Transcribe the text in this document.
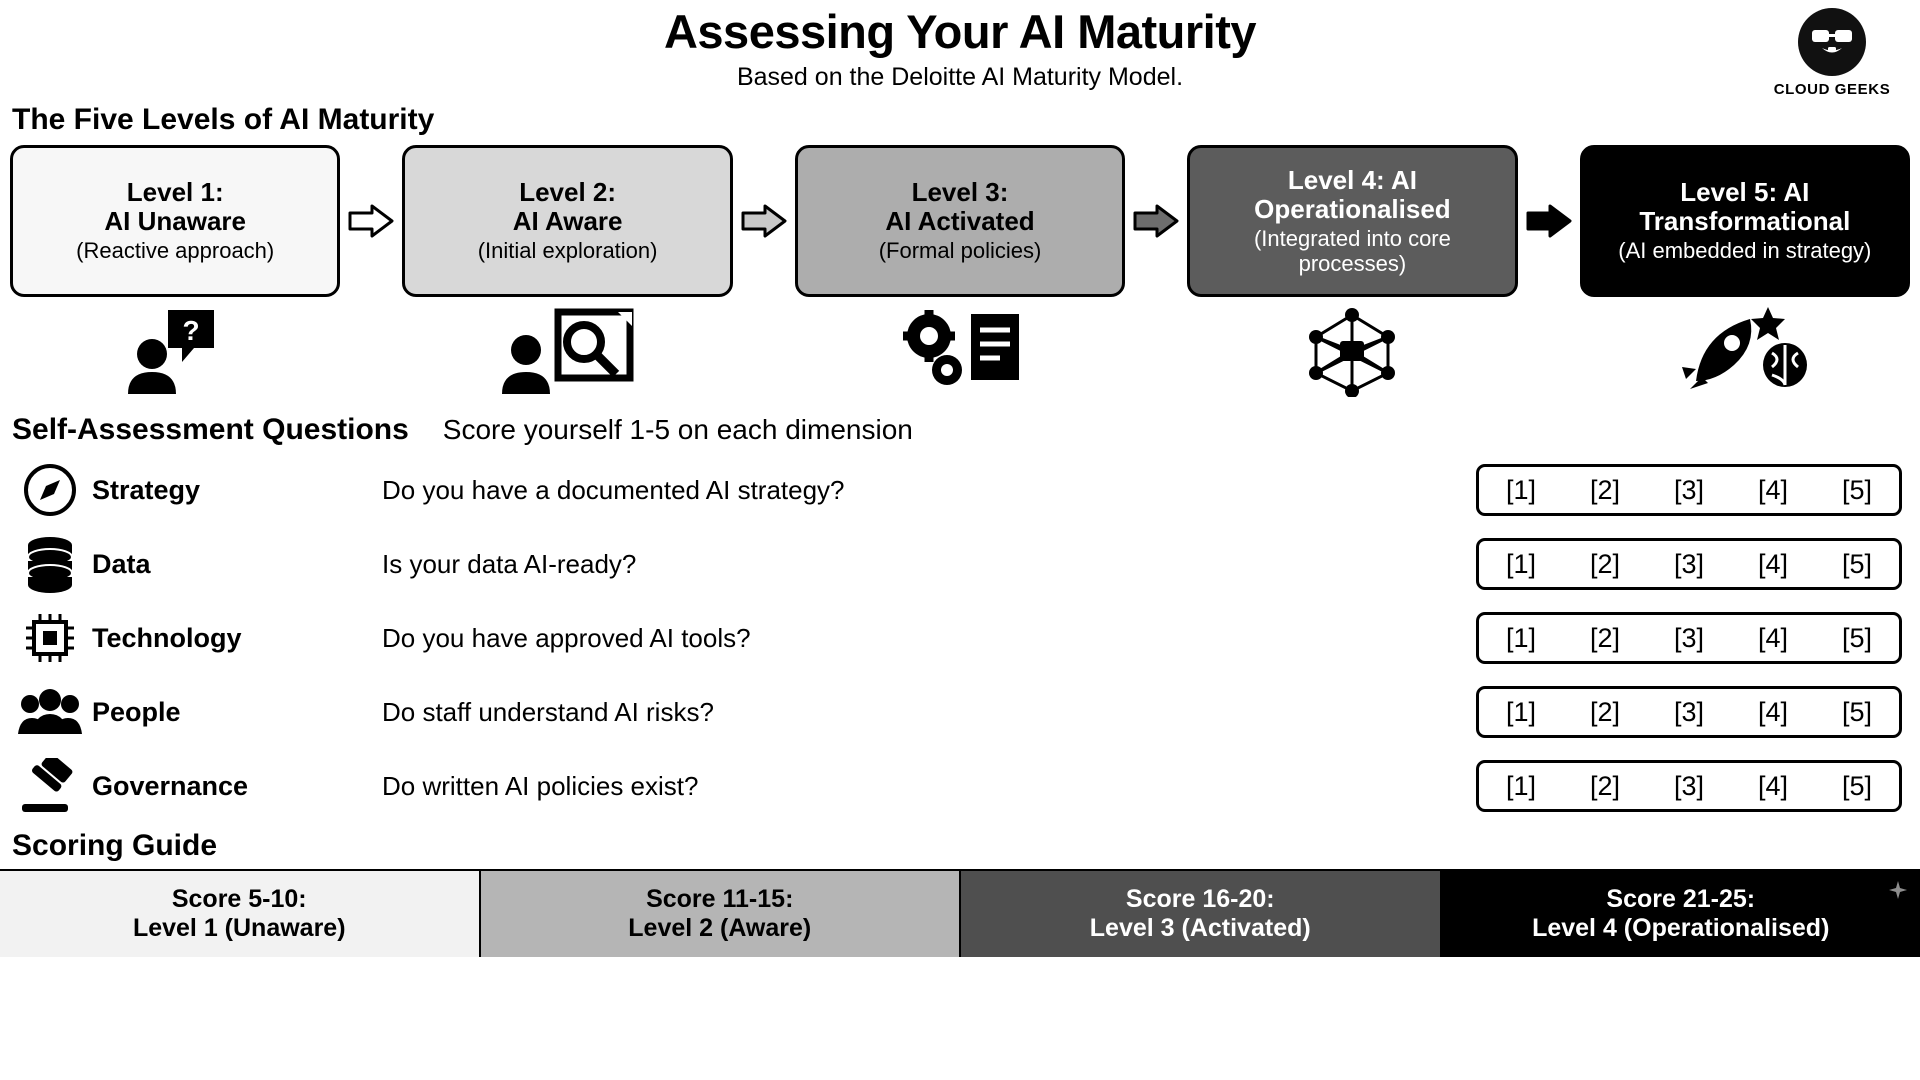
Assessing Your AI Maturity
Based on the Deloitte AI Maturity Model.	CLOUD GEEKS
The Five Levels of AI Maturity
Level 1:
AI Unaware
(Reactive approach)
Level 2:
AI Aware
(Initial exploration)
Level 3:
AI Activated
(Formal policies)
Level 4: AI
Operationalised
(Integrated into core processes)
Level 5: AI
Transformational
(AI embedded in strategy)
?
Self-Assessment Questions Score yourself 1-5 on each dimension
Strategy	Do you have a documented AI strategy?	[1] [2] [3] [4] [5]
Data	Is your data AI-ready?	[1] [2] [3] [4] [5]
Technology	Do you have approved AI tools?	[1] [2] [3] [4] [5]
People	Do staff understand AI risks?	[1] [2] [3] [4] [5]
Governance	Do written AI policies exist?	[1] [2] [3] [4] [5]
Scoring Guide
Score 5-10:
Level 1 (Unaware)
Score 11-15:
Level 2 (Aware)
Score 16-20:
Level 3 (Activated)
Score 21-25:
Level 4 (Operationalised)
